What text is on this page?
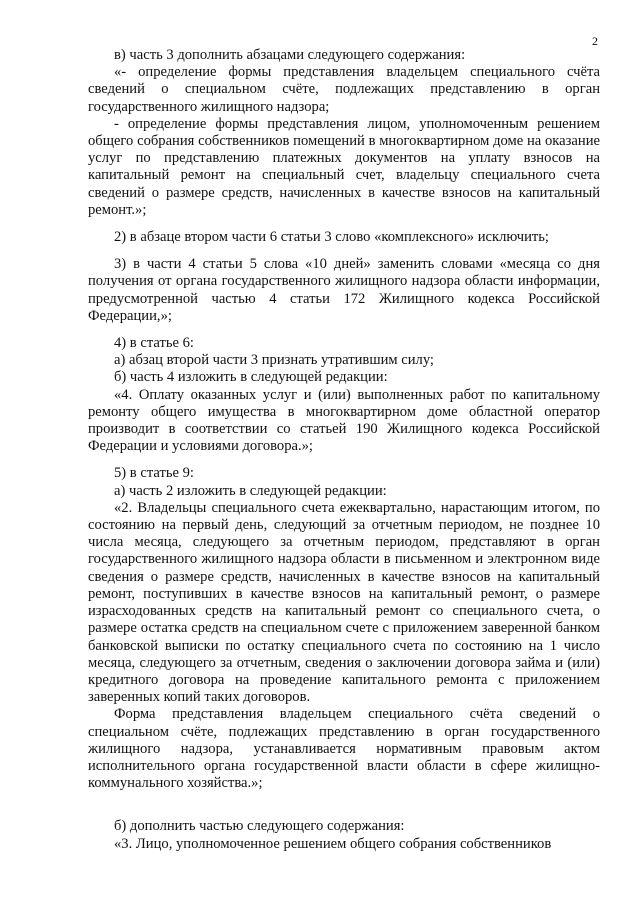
2

в) часть 3 дополнить абзацами следующего содержания:

«- определение формы представления владельцем специального счёта сведений о специальном счёте, подлежащих представлению в орган государственного жилищного надзора;

- определение формы представления лицом, уполномоченным решением общего собрания собственников помещений в многоквартирном доме на оказание услуг по представлению платежных документов на уплату взносов на капитальный ремонт на специальный счет, владельцу специального счета сведений о размере средств, начисленных в качестве взносов на капитальный ремонт.»;

2) в абзаце втором части 6 статьи 3 слово «комплексного» исключить;

3) в части 4 статьи 5 слова «10 дней» заменить словами «месяца со дня получения от органа государственного жилищного надзора области информации, предусмотренной частью 4 статьи 172 Жилищного кодекса Российской Федерации,»;

4) в статье 6:

а) абзац второй части 3 признать утратившим силу;

б) часть 4 изложить в следующей редакции:

«4. Оплату оказанных услуг и (или) выполненных работ по капитальному ремонту общего имущества в многоквартирном доме областной оператор производит в соответствии со статьей 190 Жилищного кодекса Российской Федерации и условиями договора.»;

5) в статье 9:

а) часть 2 изложить в следующей редакции:

«2. Владельцы специального счета ежеквартально, нарастающим итогом, по состоянию на первый день, следующий за отчетным периодом, не позднее 10 числа месяца, следующего за отчетным периодом, представляют в орган государственного жилищного надзора области в письменном и электронном виде сведения о размере средств, начисленных в качестве взносов на капитальный ремонт, поступивших в качестве взносов на капитальный ремонт, о размере израсходованных средств на капитальный ремонт со специального счета, о размере остатка средств на специальном счете с приложением заверенной банком банковской выписки по остатку специального счета по состоянию на 1 число месяца, следующего за отчетным, сведения о заключении договора займа и (или) кредитного договора на проведение капитального ремонта с приложением заверенных копий таких договоров.

Форма представления владельцем специального счёта сведений о специальном счёте, подлежащих представлению в орган государственного жилищного надзора, устанавливается нормативным правовым актом исполнительного органа государственной власти области в сфере жилищно-коммунального хозяйства.»;

б) дополнить частью следующего содержания:

«3. Лицо, уполномоченное решением общего собрания собственников
